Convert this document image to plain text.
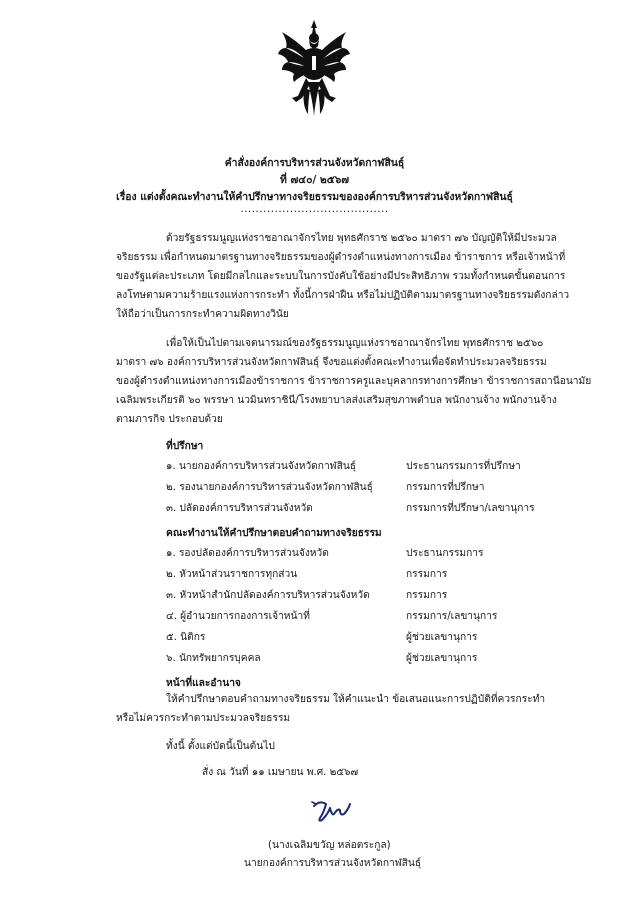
คำสั่งองค์การบริหารส่วนจังหวัดกาฬสินธุ์
ที่ ๗๔๐/ ๒๕๖๗
เรื่อง แต่งตั้งคณะทำงานให้คำปรึกษาทางจริยธรรมขององค์การบริหารส่วนจังหวัดกาฬสินธุ์
.......................................
ด้วยรัฐธรรมนูญแห่งราชอาณาจักรไทย พุทธศักราช ๒๕๖๐ มาตรา ๗๖ บัญญัติให้มีประมวล
จริยธรรม เพื่อกำหนดมาตรฐานทางจริยธรรมของผู้ดำรงตำแหน่งทางการเมือง ข้าราชการ หรือเจ้าหน้าที่
ของรัฐแต่ละประเภท โดยมีกลไกและระบบในการบังคับใช้อย่างมีประสิทธิภาพ รวมทั้งกำหนดขั้นตอนการ
ลงโทษตามความร้ายแรงแห่งการกระทำ ทั้งนี้การฝ่าฝืน หรือไม่ปฏิบัติตามมาตรฐานทางจริยธรรมดังกล่าว
ให้ถือว่าเป็นการกระทำความผิดทางวินัย
เพื่อให้เป็นไปตามเจตนารมณ์ของรัฐธรรมนูญแห่งราชอาณาจักรไทย พุทธศักราช ๒๕๖๐
มาตรา ๗๖ องค์การบริหารส่วนจังหวัดกาฬสินธุ์ จึงขอแต่งตั้งคณะทำงานเพื่อจัดทำประมวลจริยธรรม
ของผู้ดำรงตำแหน่งทางการเมืองข้าราชการ ข้าราชการครูและบุคลากรทางการศึกษา ข้าราชการสถานีอนามัย
เฉลิมพระเกียรติ ๖๐ พรรษา นวมินทราชินี/โรงพยาบาลส่งเสริมสุขภาพตำบล พนักงานจ้าง พนักงานจ้าง
ตามภารกิจ ประกอบด้วย
ที่ปรึกษา
๑. นายกองค์การบริหารส่วนจังหวัดกาฬสินธุ์	ประธานกรรมการที่ปรึกษา
๒. รองนายกองค์การบริหารส่วนจังหวัดกาฬสินธุ์	กรรมการที่ปรึกษา
๓. ปลัดองค์การบริหารส่วนจังหวัด	กรรมการที่ปรึกษา/เลขานุการ
คณะทำงานให้คำปรึกษาตอบคำถามทางจริยธรรม
๑. รองปลัดองค์การบริหารส่วนจังหวัด	ประธานกรรมการ
๒. หัวหน้าส่วนราชการทุกส่วน	กรรมการ
๓. หัวหน้าสำนักปลัดองค์การบริหารส่วนจังหวัด	กรรมการ
๔. ผู้อำนวยการกองการเจ้าหน้าที่	กรรมการ/เลขานุการ
๕. นิติกร	ผู้ช่วยเลขานุการ
๖. นักทรัพยากรบุคคล	ผู้ช่วยเลขานุการ
หน้าที่และอำนาจ
ให้คำปรึกษาตอบคำถามทางจริยธรรม ให้คำแนะนำ ข้อเสนอแนะการปฏิบัติที่ควรกระทำ
หรือไม่ควรกระทำตามประมวลจริยธรรม
ทั้งนี้ ตั้งแต่บัดนี้เป็นต้นไป
สั่ง ณ วันที่ ๑๑ เมษายน พ.ศ. ๒๕๖๗
(นางเฉลิมขวัญ หล่อตระกูล)
นายกองค์การบริหารส่วนจังหวัดกาฬสินธุ์
